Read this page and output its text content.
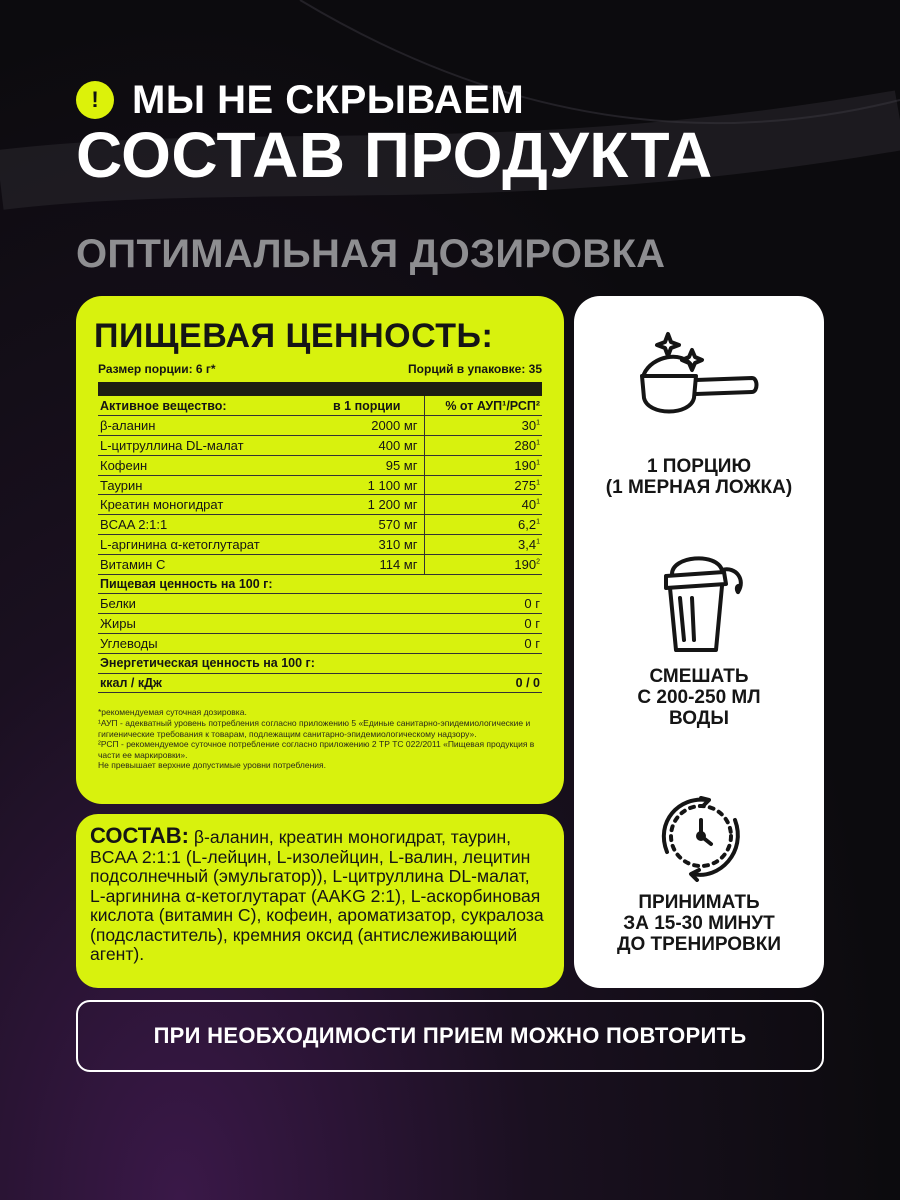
! МЫ НЕ СКРЫВАЕМ
СОСТАВ ПРОДУКТА
ОПТИМАЛЬНАЯ ДОЗИРОВКА
ПИЩЕВАЯ ЦЕННОСТЬ:
Размер порции: 6 г*	Порций в упаковке: 35
Активное вещество:	в 1 порции	% от АУП¹/РСП²
β-аланин	2000 мг	$30^1$
L-цитруллина DL-малат	400 мг	$280^1$
Кофеин	95 мг	$190^1$
Таурин	1 100 мг	$275^1$
Креатин моногидрат	1 200 мг	$40^1$
BCAA 2:1:1	570 мг	$6,2^1$
L-аргинина α-кетоглутарат	310 мг	$3,4^1$
Витамин С	114 мг	$190^2$
Пищевая ценность на 100 г:		
Белки		0 г
Жиры		0 г
Углеводы		0 г
Энергетическая ценность на 100 г:		
ккал / кДж		0 / 0
*рекомендуемая суточная дозировка.
¹АУП - адекватный уровень потребления согласно приложению 5 «Единые санитарно-эпидемиологические и гигиенические требования к товарам, подлежащим санитарно-эпидемиологическому надзору».
²РСП - рекомендуемое суточное потребление согласно приложению 2 ТР ТС 022/2011 «Пищевая продукция в части ее маркировки».
Не превышает верхние допустимые уровни потребления.
СОСТАВ: β-аланин, креатин моногидрат, таурин, BCAA 2:1:1 (L-лейцин, L-изолейцин, L-валин, лецитин подсолнечный (эмульгатор)), L-цитруллина DL-малат, L-аргинина α-кетоглутарат (AAKG 2:1), L-аскорбиновая кислота (витамин С), кофеин, ароматизатор, сукралоза (подсластитель), кремния оксид (антислеживающий агент).
1 ПОРЦИЮ
(1 МЕРНАЯ ЛОЖКА)
СМЕШАТЬ
С 200-250 МЛ
ВОДЫ
ПРИНИМАТЬ
ЗА 15-30 МИНУТ
ДО ТРЕНИРОВКИ
ПРИ НЕОБХОДИМОСТИ ПРИЕМ МОЖНО ПОВТОРИТЬ
